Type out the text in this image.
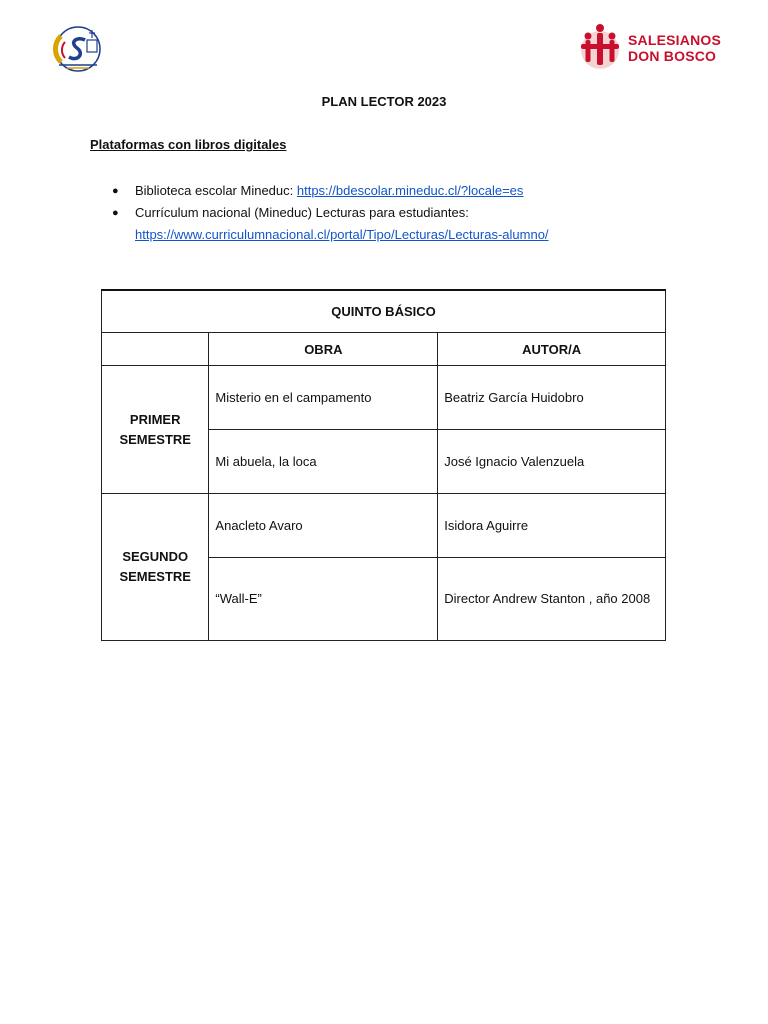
SALESIANOS
DON BOSCO
PLAN LECTOR 2023
Plataformas con libros digitales
● Biblioteca escolar Mineduc: https://bdescolar.mineduc.cl/?locale=es
● Currículum nacional (Mineduc) Lecturas para estudiantes:
https://www.curriculumnacional.cl/portal/Tipo/Lecturas/Lecturas-alumno/
QUINTO BÁSICO		
	OBRA	AUTOR/A

PRIMER
SEMESTRE	Misterio en el campamento	Beatriz García Huidobro

	Mi abuela, la loca	José Ignacio Valenzuela

SEGUNDO
SEMESTRE	Anacleto Avaro	Isidora Aguirre

	“Wall-E”	Director Andrew Stanton , año 2008
